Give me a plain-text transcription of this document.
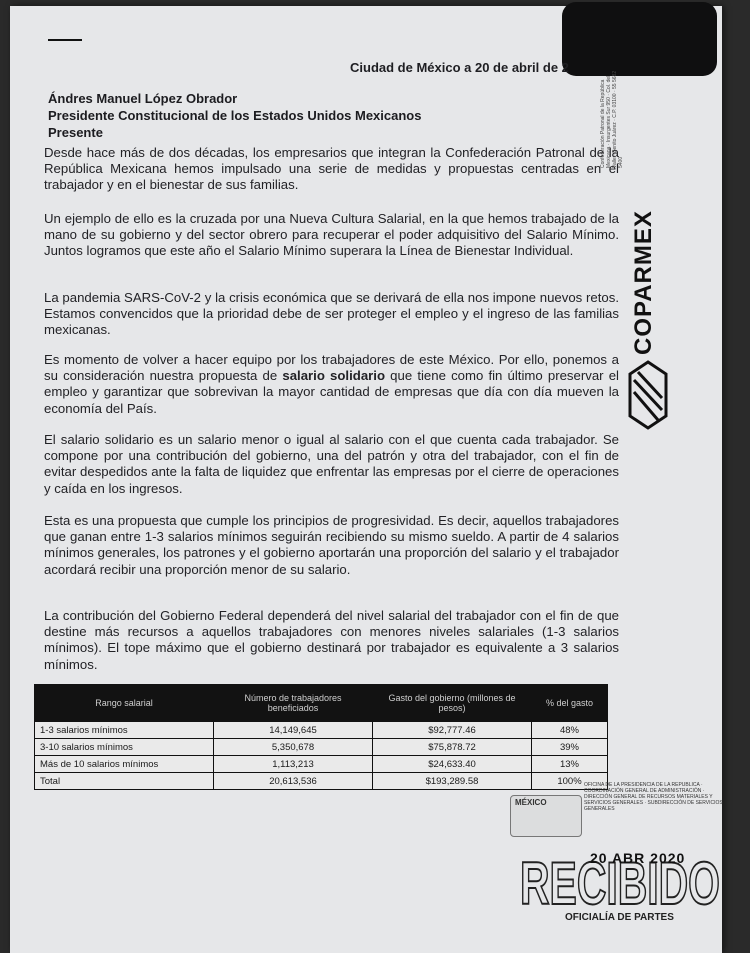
Ciudad de México a 20 de abril de 2
Ándres Manuel López Obrador
Presidente Constitucional de los Estados Unidos Mexicanos
Presente
Desde hace más de dos décadas, los empresarios que integran la Confederación Patronal de la República Mexicana hemos impulsado una serie de medidas y propuestas centradas en el trabajador y en el bienestar de sus familias.
Un ejemplo de ello es la cruzada por una Nueva Cultura Salarial, en la que hemos trabajado de la mano de su gobierno y del sector obrero para recuperar el poder adquisitivo del Salario Mínimo. Juntos logramos que este año el Salario Mínimo superara la Línea de Bienestar Individual.
La pandemia SARS-CoV-2 y la crisis económica que se derivará de ella nos impone nuevos retos. Estamos convencidos que la prioridad debe de ser proteger el empleo y el ingreso de las familias mexicanas.
Es momento de volver a hacer equipo por los trabajadores de este México. Por ello, ponemos a su consideración nuestra propuesta de salario solidario que tiene como fin último preservar el empleo y garantizar que sobrevivan la mayor cantidad de empresas que día con día mueven la economía del País.
El salario solidario es un salario menor o igual al salario con el que cuenta cada trabajador. Se compone por una contribución del gobierno, una del patrón y otra del trabajador, con el fin de evitar despedidos ante la falta de liquidez que enfrentar las empresas por el cierre de operaciones y caída en los ingresos.
Esta es una propuesta que cumple los principios de progresividad. Es decir, aquellos trabajadores que ganan entre 1-3 salarios mínimos seguirán recibiendo su mismo sueldo. A partir de 4 salarios mínimos generales, los patrones y el gobierno aportarán una proporción del salario y el trabajador acordará recibir una proporción menor de su salario.
La contribución del Gobierno Federal dependerá del nivel salarial del trabajador con el fin de que destine más recursos a aquellos trabajadores con menores niveles salariales (1-3 salarios mínimos). El tope máximo que el gobierno destinará por trabajador es equivalente a 3 salarios mínimos.
Confederación Patronal de la República Mexicana · Insurgentes Sur 950 · Col. del Valle · Benito Juárez · C.P. 03100 · 55 5682 5400
COPARMEX
Rango salarial	Número de trabajadores beneficiados	Gasto del gobierno (millones de pesos)	% del gasto
1-3 salarios mínimos	14,149,645	$92,777.46	48%
3-10 salarios mínimos	5,350,678	$75,878.72	39%
Más de 10 salarios mínimos	1,113,213	$24,633.40	13%
Total	20,613,536	$193,289.58	100% OFICINA DE LA PRESIDENCIA DE LA REPÚBLICA · COORDINACIÓN GENERAL DE ADMINISTRACIÓN · DIRECCIÓN GENERAL DE RECURSOS MATERIALES Y SERVICIOS GENERALES · SUBDIRECCIÓN DE SERVICIOS GENERALES
MÉXICO
RECIBIDO
20 ABR 2020
OFICIALÍA DE PARTES
